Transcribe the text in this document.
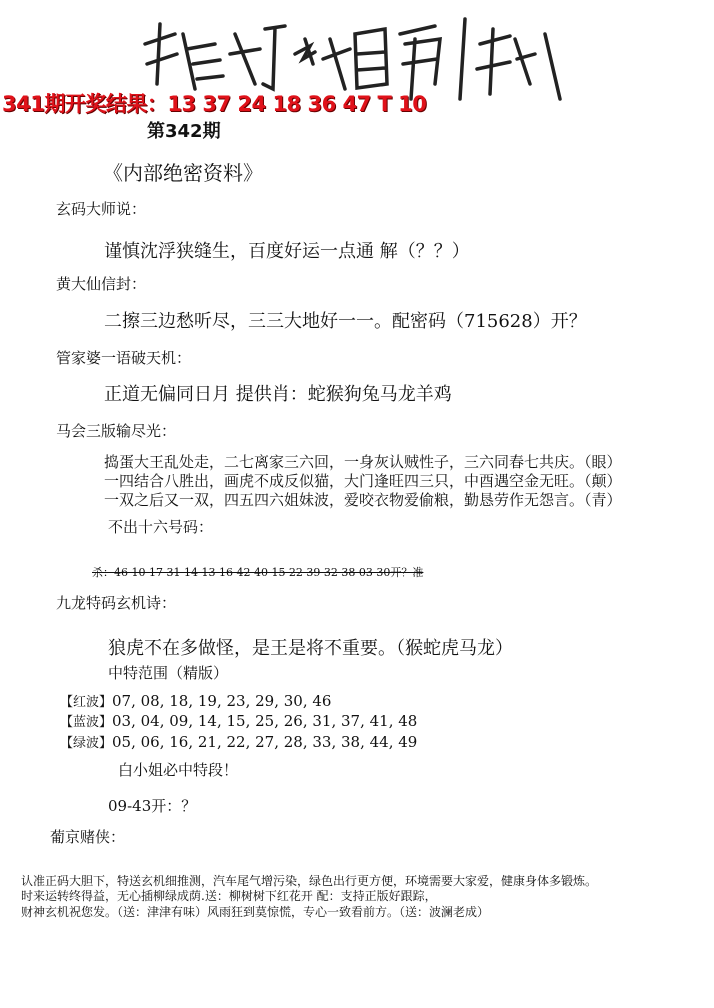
341期开奖结果：13 37 24 18 36 47 T 10
第342期
《内部绝密资料》
玄码大师说：
谨慎沈浮狭缝生，百度好运一点通 解（？？）
黄大仙信封：
二擦三边愁听尽，三三大地好一一。配密码（715628）开？
管家婆一语破天机：
正道无偏同日月 提供肖：蛇猴狗兔马龙羊鸡
马会三版输尽光：
捣蛋大王乱处走，二七离家三六回，一身灰认贼性子，三六同春七共庆。（眼）
一四结合八胜出，画虎不成反似猫，大门逢旺四三只，中酉遇空金无旺。（颠）
一双之后又一双，四五四六姐妹波，爱咬衣物爱偷粮，勤恳劳作无怨言。（青）
不出十六号码：
杀：46 10 17 31 14 13 16 42 40 15 22 39 32 38 03 30开？准
九龙特码玄机诗：
狼虎不在多做怪，是王是将不重要。（猴蛇虎马龙）
中特范围（精版）
【红波】07, 08, 18, 19, 23, 29, 30, 46
【蓝波】03, 04, 09, 14, 15, 25, 26, 31, 37, 41, 48
【绿波】05, 06, 16, 21, 22, 27, 28, 33, 38, 44, 49
白小姐必中特段！
09-43开：？
葡京赌侠：
认准正码大胆下，特送玄机细推测，汽车尾气增污染，绿色出行更方便，环境需要大家爱，健康身体多锻炼。
时来运转终得益，无心插柳绿成荫.送：柳树树下红花开 配：支持正版好跟踪，
财神玄机祝您发。（送：津津有味）风雨狂到莫惊慌，专心一致看前方。（送：波澜老成）
